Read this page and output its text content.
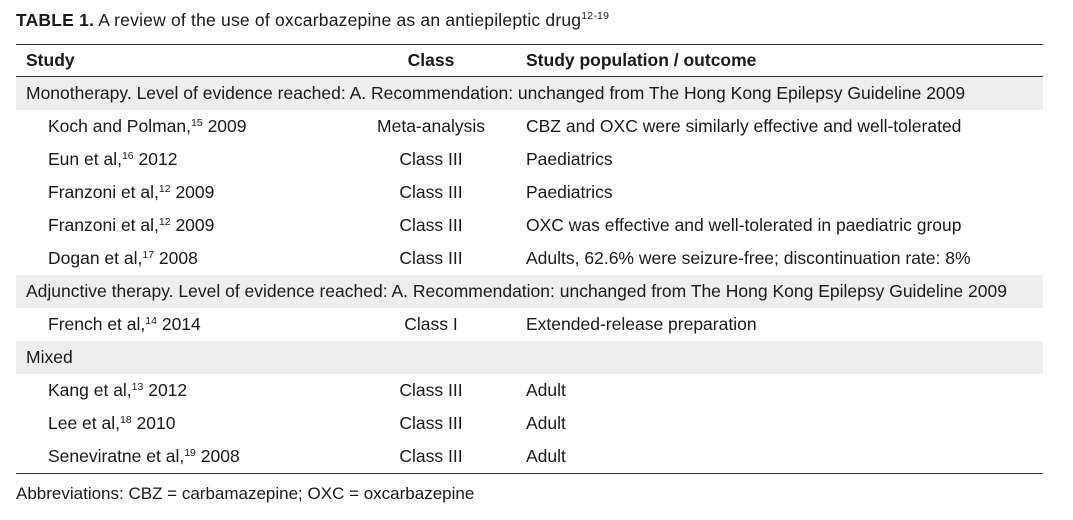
TABLE 1. A review of the use of oxcarbazepine as an antiepileptic drug$^{12-19}$
Study	Class	Study population / outcome
Monotherapy. Level of evidence reached: A. Recommendation: unchanged from The Hong Kong Epilepsy Guideline 2009		
Koch and Polman,$^{15}$ 2009	Meta-analysis	CBZ and OXC were similarly effective and well-tolerated
Eun et al,$^{16}$ 2012	Class III	Paediatrics
Franzoni et al,$^{12}$ 2009	Class III	Paediatrics
Franzoni et al,$^{12}$ 2009	Class III	OXC was effective and well-tolerated in paediatric group
Dogan et al,$^{17}$ 2008	Class III	Adults, 62.6% were seizure-free; discontinuation rate: 8%
Adjunctive therapy. Level of evidence reached: A. Recommendation: unchanged from The Hong Kong Epilepsy Guideline 2009		
French et al,$^{14}$ 2014	Class I	Extended-release preparation
Mixed		
Kang et al,$^{13}$ 2012	Class III	Adult
Lee et al,$^{18}$ 2010	Class III	Adult
Seneviratne et al,$^{19}$ 2008	Class III	Adult
Abbreviations: CBZ = carbamazepine; OXC = oxcarbazepine
